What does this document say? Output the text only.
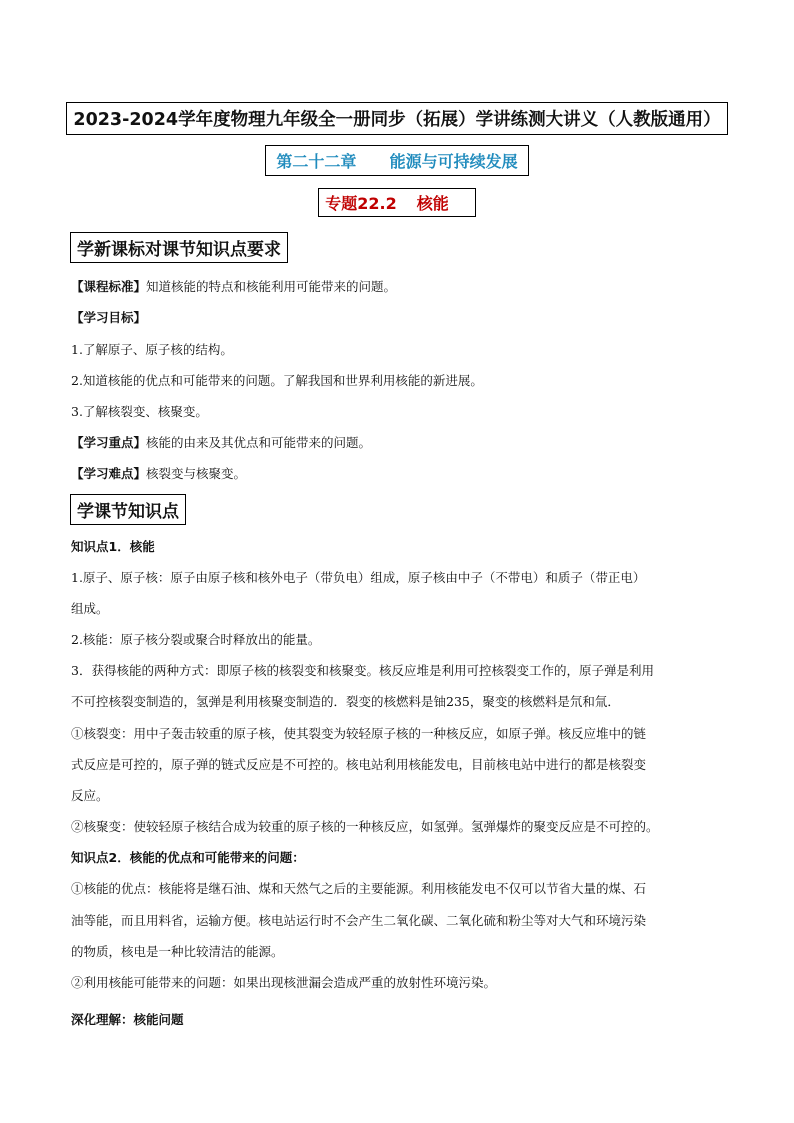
2023-2024学年度物理九年级全一册同步（拓展）学讲练测大讲义（人教版通用）
第二十二章 能源与可持续发展
专题22.2 核能
学新课标对课节知识点要求
【课程标准】知道核能的特点和核能利用可能带来的问题。
【学习目标】
1.了解原子、原子核的结构。
2.知道核能的优点和可能带来的问题。了解我国和世界利用核能的新进展。
3.了解核裂变、核聚变。
【学习重点】核能的由来及其优点和可能带来的问题。
【学习难点】核裂变与核聚变。
学课节知识点
知识点1．核能
1.原子、原子核：原子由原子核和核外电子（带负电）组成，原子核由中子（不带电）和质子（带正电）
组成。
2.核能：原子核分裂或聚合时释放出的能量。
3．获得核能的两种方式：即原子核的核裂变和核聚变。核反应堆是利用可控核裂变工作的，原子弹是利用
不可控核裂变制造的，氢弹是利用核聚变制造的．裂变的核燃料是铀235，聚变的核燃料是氘和氚．
①核裂变：用中子轰击较重的原子核，使其裂变为较轻原子核的一种核反应，如原子弹。核反应堆中的链
式反应是可控的，原子弹的链式反应是不可控的。核电站利用核能发电，目前核电站中进行的都是核裂变
反应。
②核聚变：使较轻原子核结合成为较重的原子核的一种核反应，如氢弹。氢弹爆炸的聚变反应是不可控的。
知识点2．核能的优点和可能带来的问题：
①核能的优点：核能将是继石油、煤和天然气之后的主要能源。利用核能发电不仅可以节省大量的煤、石
油等能，而且用料省，运输方便。核电站运行时不会产生二氧化碳、二氧化硫和粉尘等对大气和环境污染
的物质，核电是一种比较清洁的能源。
②利用核能可能带来的问题：如果出现核泄漏会造成严重的放射性环境污染。
深化理解：核能问题
